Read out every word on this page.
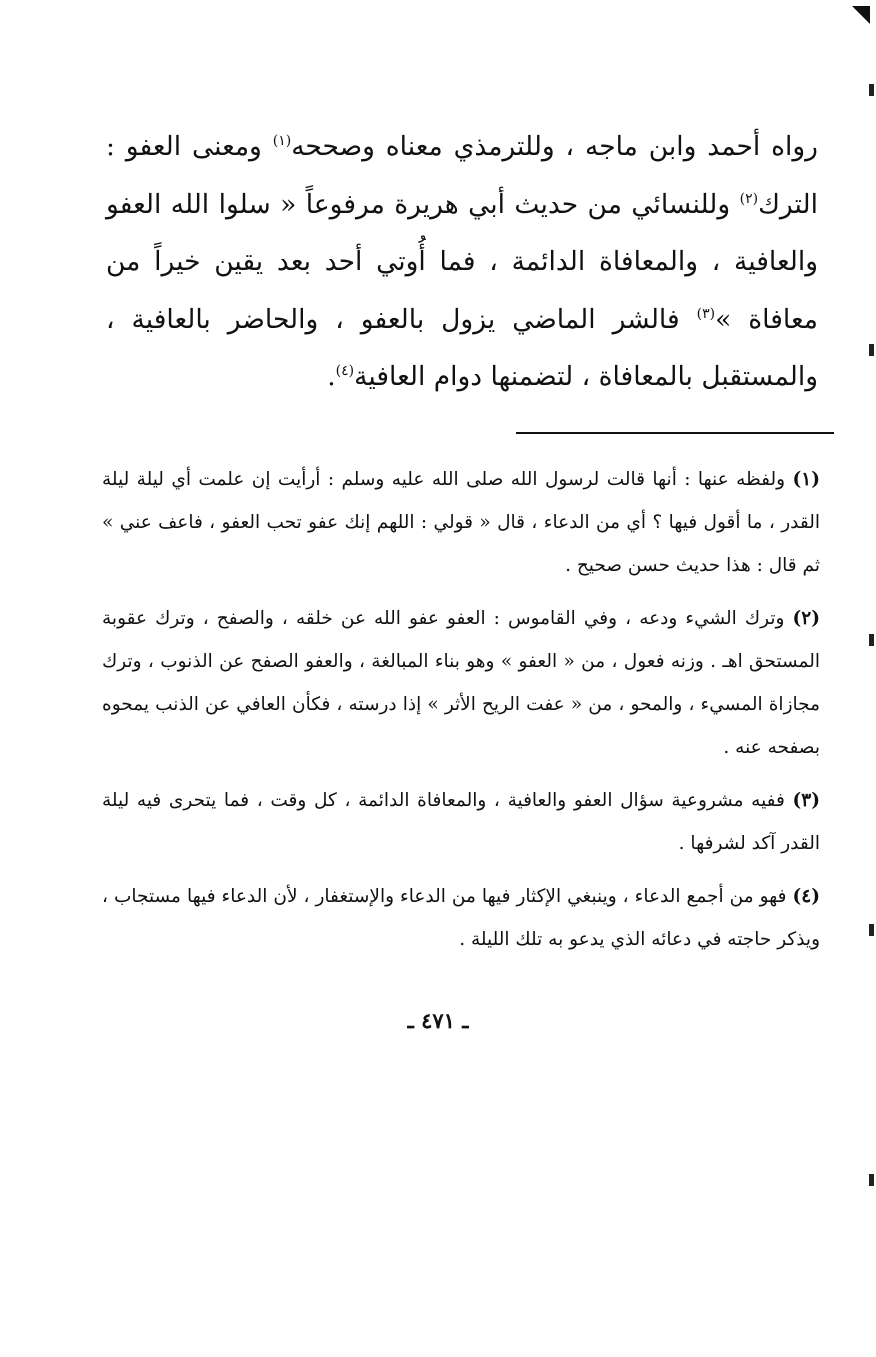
رواه أحمد وابن ماجه ، وللترمذي معناه وصححه$^{(١)}$ ومعنى العفو : الترك$^{(٢)}$ وللنسائي من حديث أبي هريرة مرفوعاً « سلوا الله العفو والعافية ، والمعافاة الدائمة ، فما أُوتي أحد بعد يقين خيراً من معافاة »$^{(٣)}$ فالشر الماضي يزول بالعفو ، والحاضر بالعافية ، والمستقبل بالمعافاة ، لتضمنها دوام العافية$^{(٤)}$.

(١) ولفظه عنها : أنها قالت لرسول الله صلى الله عليه وسلم : أرأيت إن علمت أي ليلة ليلة القدر ، ما أقول فيها ؟ أي من الدعاء ، قال « قولي : اللهم إنك عفو تحب العفو ، فاعف عني » ثم قال : هذا حديث حسن صحيح .

(٢) وترك الشيء ودعه ، وفي القاموس : العفو عفو الله عن خلقه ، والصفح ، وترك عقوبة المستحق اهـ . وزنه فعول ، من « العفو » وهو بناء المبالغة ، والعفو الصفح عن الذنوب ، وترك مجازاة المسيء ، والمحو ، من « عفت الريح الأثر » إذا درسته ، فكأن العافي عن الذنب يمحوه بصفحه عنه .

(٣) ففيه مشروعية سؤال العفو والعافية ، والمعافاة الدائمة ، كل وقت ، فما يتحرى فيه ليلة القدر آكد لشرفها .

(٤) فهو من أجمع الدعاء ، وينبغي الإكثار فيها من الدعاء والإستغفار ، لأن الدعاء فيها مستجاب ، ويذكر حاجته في دعائه الذي يدعو به تلك الليلة .

ـ ٤٧١ ـ
